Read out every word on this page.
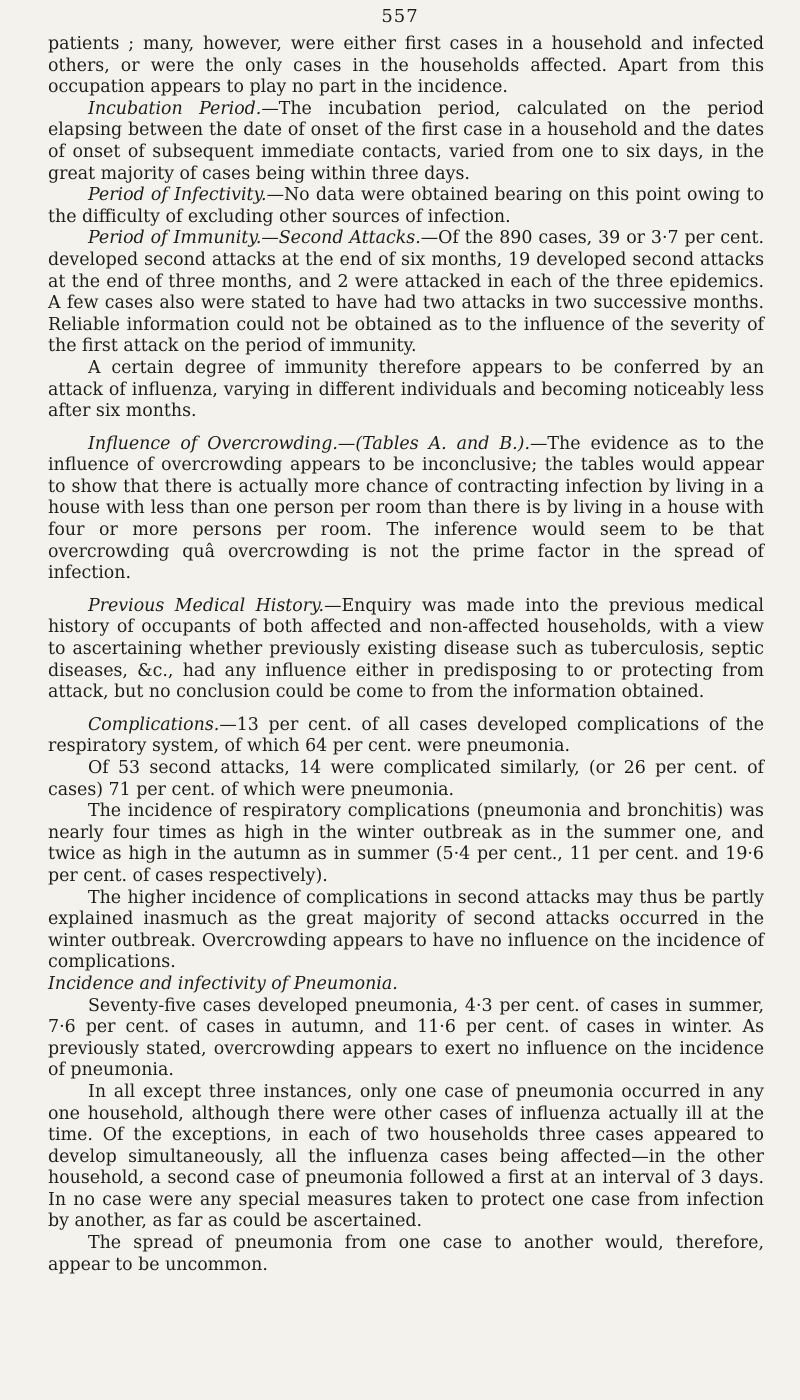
557

patients ; many, however, were either first cases in a household and infected others, or were the only cases in the households affected. Apart from this occupation appears to play no part in the incidence.

Incubation Period.—The incubation period, calculated on the period elapsing between the date of onset of the first case in a household and the dates of onset of subsequent immediate contacts, varied from one to six days, in the great majority of cases being within three days.

Period of Infectivity.—No data were obtained bearing on this point owing to the difficulty of excluding other sources of infection.

Period of Immunity.—Second Attacks.—Of the 890 cases, 39 or 3·7 per cent. developed second attacks at the end of six months, 19 developed second attacks at the end of three months, and 2 were attacked in each of the three epidemics. A few cases also were stated to have had two attacks in two successive months. Reliable information could not be obtained as to the influence of the severity of the first attack on the period of immunity.

A certain degree of immunity therefore appears to be conferred by an attack of influenza, varying in different individuals and becoming noticeably less after six months.

Influence of Overcrowding.—(Tables A. and B.).—The evidence as to the influence of overcrowding appears to be inconclusive; the tables would appear to show that there is actually more chance of contracting infection by living in a house with less than one person per room than there is by living in a house with four or more persons per room. The inference would seem to be that overcrowding quâ overcrowding is not the prime factor in the spread of infection.

Previous Medical History.—Enquiry was made into the previous medical history of occupants of both affected and non-affected households, with a view to ascertaining whether previously existing disease such as tuberculosis, septic diseases, &c., had any influence either in predisposing to or protecting from attack, but no conclusion could be come to from the information obtained.

Complications.—13 per cent. of all cases developed complications of the respiratory system, of which 64 per cent. were pneumonia.

Of 53 second attacks, 14 were complicated similarly, (or 26 per cent. of cases) 71 per cent. of which were pneumonia.

The incidence of respiratory complications (pneumonia and bronchitis) was nearly four times as high in the winter outbreak as in the summer one, and twice as high in the autumn as in summer (5·4 per cent., 11 per cent. and 19·6 per cent. of cases respectively).

The higher incidence of complications in second attacks may thus be partly explained inasmuch as the great majority of second attacks occurred in the winter outbreak. Overcrowding appears to have no influence on the incidence of complications.

Incidence and infectivity of Pneumonia.

Seventy-five cases developed pneumonia, 4·3 per cent. of cases in summer, 7·6 per cent. of cases in autumn, and 11·6 per cent. of cases in winter. As previously stated, overcrowding appears to exert no influence on the incidence of pneumonia.

In all except three instances, only one case of pneumonia occurred in any one household, although there were other cases of influenza actually ill at the time. Of the exceptions, in each of two households three cases appeared to develop simultaneously, all the influenza cases being affected—in the other household, a second case of pneumonia followed a first at an interval of 3 days. In no case were any special measures taken to protect one case from infection by another, as far as could be ascertained.

The spread of pneumonia from one case to another would, therefore, appear to be uncommon.
